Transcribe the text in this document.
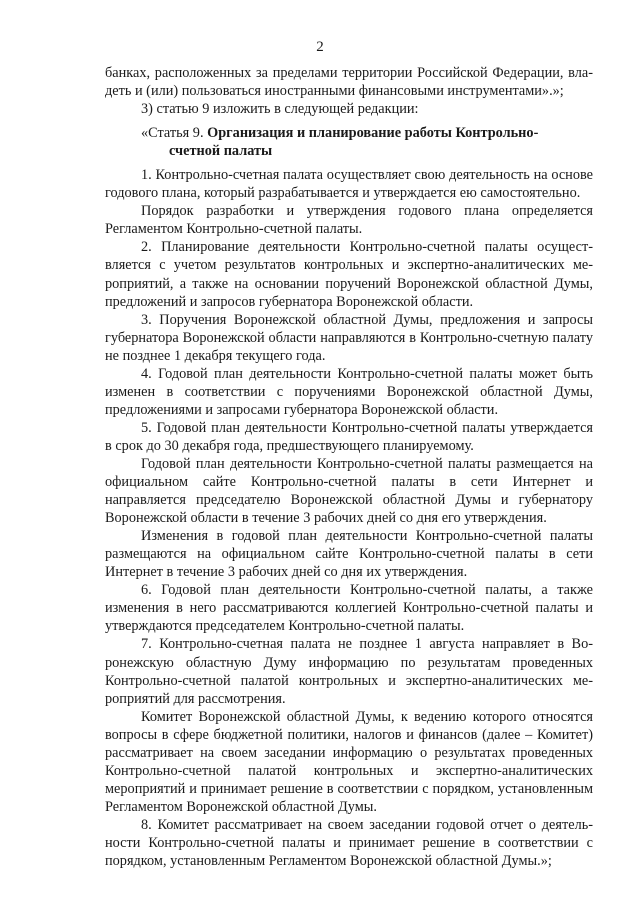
2

банках, расположенных за пределами территории Российской Федерации, владеть и (или) пользоваться иностранными финансовыми инструментами».»;

3) статью 9 изложить в следующей редакции:

«Статья 9. Организация и планирование работы Контрольно-
счетной палаты

1. Контрольно-счетная палата осуществляет свою деятельность на основе годового плана, который разрабатывается и утверждается ею самостоятельно.

Порядок разработки и утверждения годового плана определяется Регламентом Контрольно-счетной палаты.

2. Планирование деятельности Контрольно-счетной палаты осуществляется с учетом результатов контрольных и экспертно-аналитических мероприятий, а также на основании поручений Воронежской областной Думы, предложений и запросов губернатора Воронежской области.

3. Поручения Воронежской областной Думы, предложения и запросы губернатора Воронежской области направляются в Контрольно-счетную палату не позднее 1 декабря текущего года.

4. Годовой план деятельности Контрольно-счетной палаты может быть изменен в соответствии с поручениями Воронежской областной Думы, предложениями и запросами губернатора Воронежской области.

5. Годовой план деятельности Контрольно-счетной палаты утверждается в срок до 30 декабря года, предшествующего планируемому.

Годовой план деятельности Контрольно-счетной палаты размещается на официальном сайте Контрольно-счетной палаты в сети Интернет и направляется председателю Воронежской областной Думы и губернатору Воронежской области в течение 3 рабочих дней со дня его утверждения.

Изменения в годовой план деятельности Контрольно-счетной палаты размещаются на официальном сайте Контрольно-счетной палаты в сети Интернет в течение 3 рабочих дней со дня их утверждения.

6. Годовой план деятельности Контрольно-счетной палаты, а также изменения в него рассматриваются коллегией Контрольно-счетной палаты и утверждаются председателем Контрольно-счетной палаты.

7. Контрольно-счетная палата не позднее 1 августа направляет в Воронежскую областную Думу информацию по результатам проведенных Контрольно-счетной палатой контрольных и экспертно-аналитических мероприятий для рассмотрения.

Комитет Воронежской областной Думы, к ведению которого относятся вопросы в сфере бюджетной политики, налогов и финансов (далее – Комитет) рассматривает на своем заседании информацию о результатах проведенных Контрольно-счетной палатой контрольных и экспертно-аналитических мероприятий и принимает решение в соответствии с порядком, установленным Регламентом Воронежской областной Думы.

8. Комитет рассматривает на своем заседании годовой отчет о деятельности Контрольно-счетной палаты и принимает решение в соответствии с порядком, установленным Регламентом Воронежской областной Думы.»;
